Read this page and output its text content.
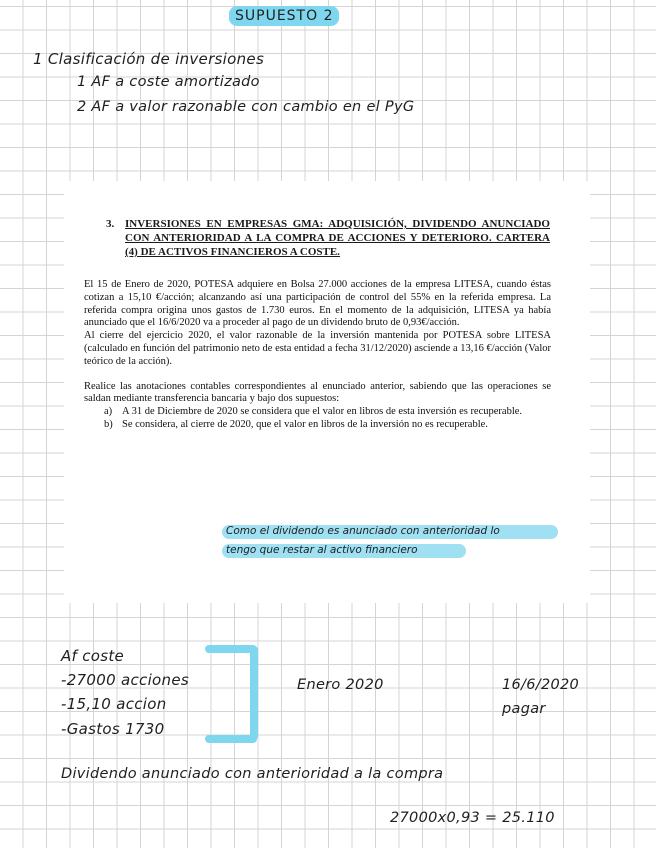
SUPUESTO 2
1 Clasificación de inversiones
1 AF a coste amortizado
2 AF a valor razonable con cambio en el PyG
3. INVERSIONES EN EMPRESAS GMA: ADQUISICIÓN, DIVIDENDO ANUNCIADO CON ANTERIORIDAD A LA COMPRA DE ACCIONES Y DETERIORO. CARTERA (4) DE ACTIVOS FINANCIEROS A COSTE.

El 15 de Enero de 2020, POTESA adquiere en Bolsa 27.000 acciones de la empresa LITESA, cuando éstas cotizan a 15,10 €/acción; alcanzando así una participación de control del 55% en la referida empresa. La referida compra origina unos gastos de 1.730 euros. En el momento de la adquisición, LITESA ya había anunciado que el 16/6/2020 va a proceder al pago de un dividendo bruto de 0,93€/acción.

Al cierre del ejercicio 2020, el valor razonable de la inversión mantenida por POTESA sobre LITESA (calculado en función del patrimonio neto de esta entidad a fecha 31/12/2020) asciende a 13,16 €/acción (Valor teórico de la acción).

Realice las anotaciones contables correspondientes al enunciado anterior, sabiendo que las operaciones se saldan mediante transferencia bancaria y bajo dos supuestos:

a) A 31 de Diciembre de 2020 se considera que el valor en libros de esta inversión es recuperable.

b) Se considera, al cierre de 2020, que el valor en libros de la inversión no es recuperable.

Como el dividendo es anunciado con anterioridad lo
tengo que restar al activo financiero
Af coste
-27000 acciones
-15,10 accion
-Gastos 1730
Enero 2020	16/6/2020
pagar
Dividendo anunciado con anterioridad a la compra
27000x0,93 = 25.110
